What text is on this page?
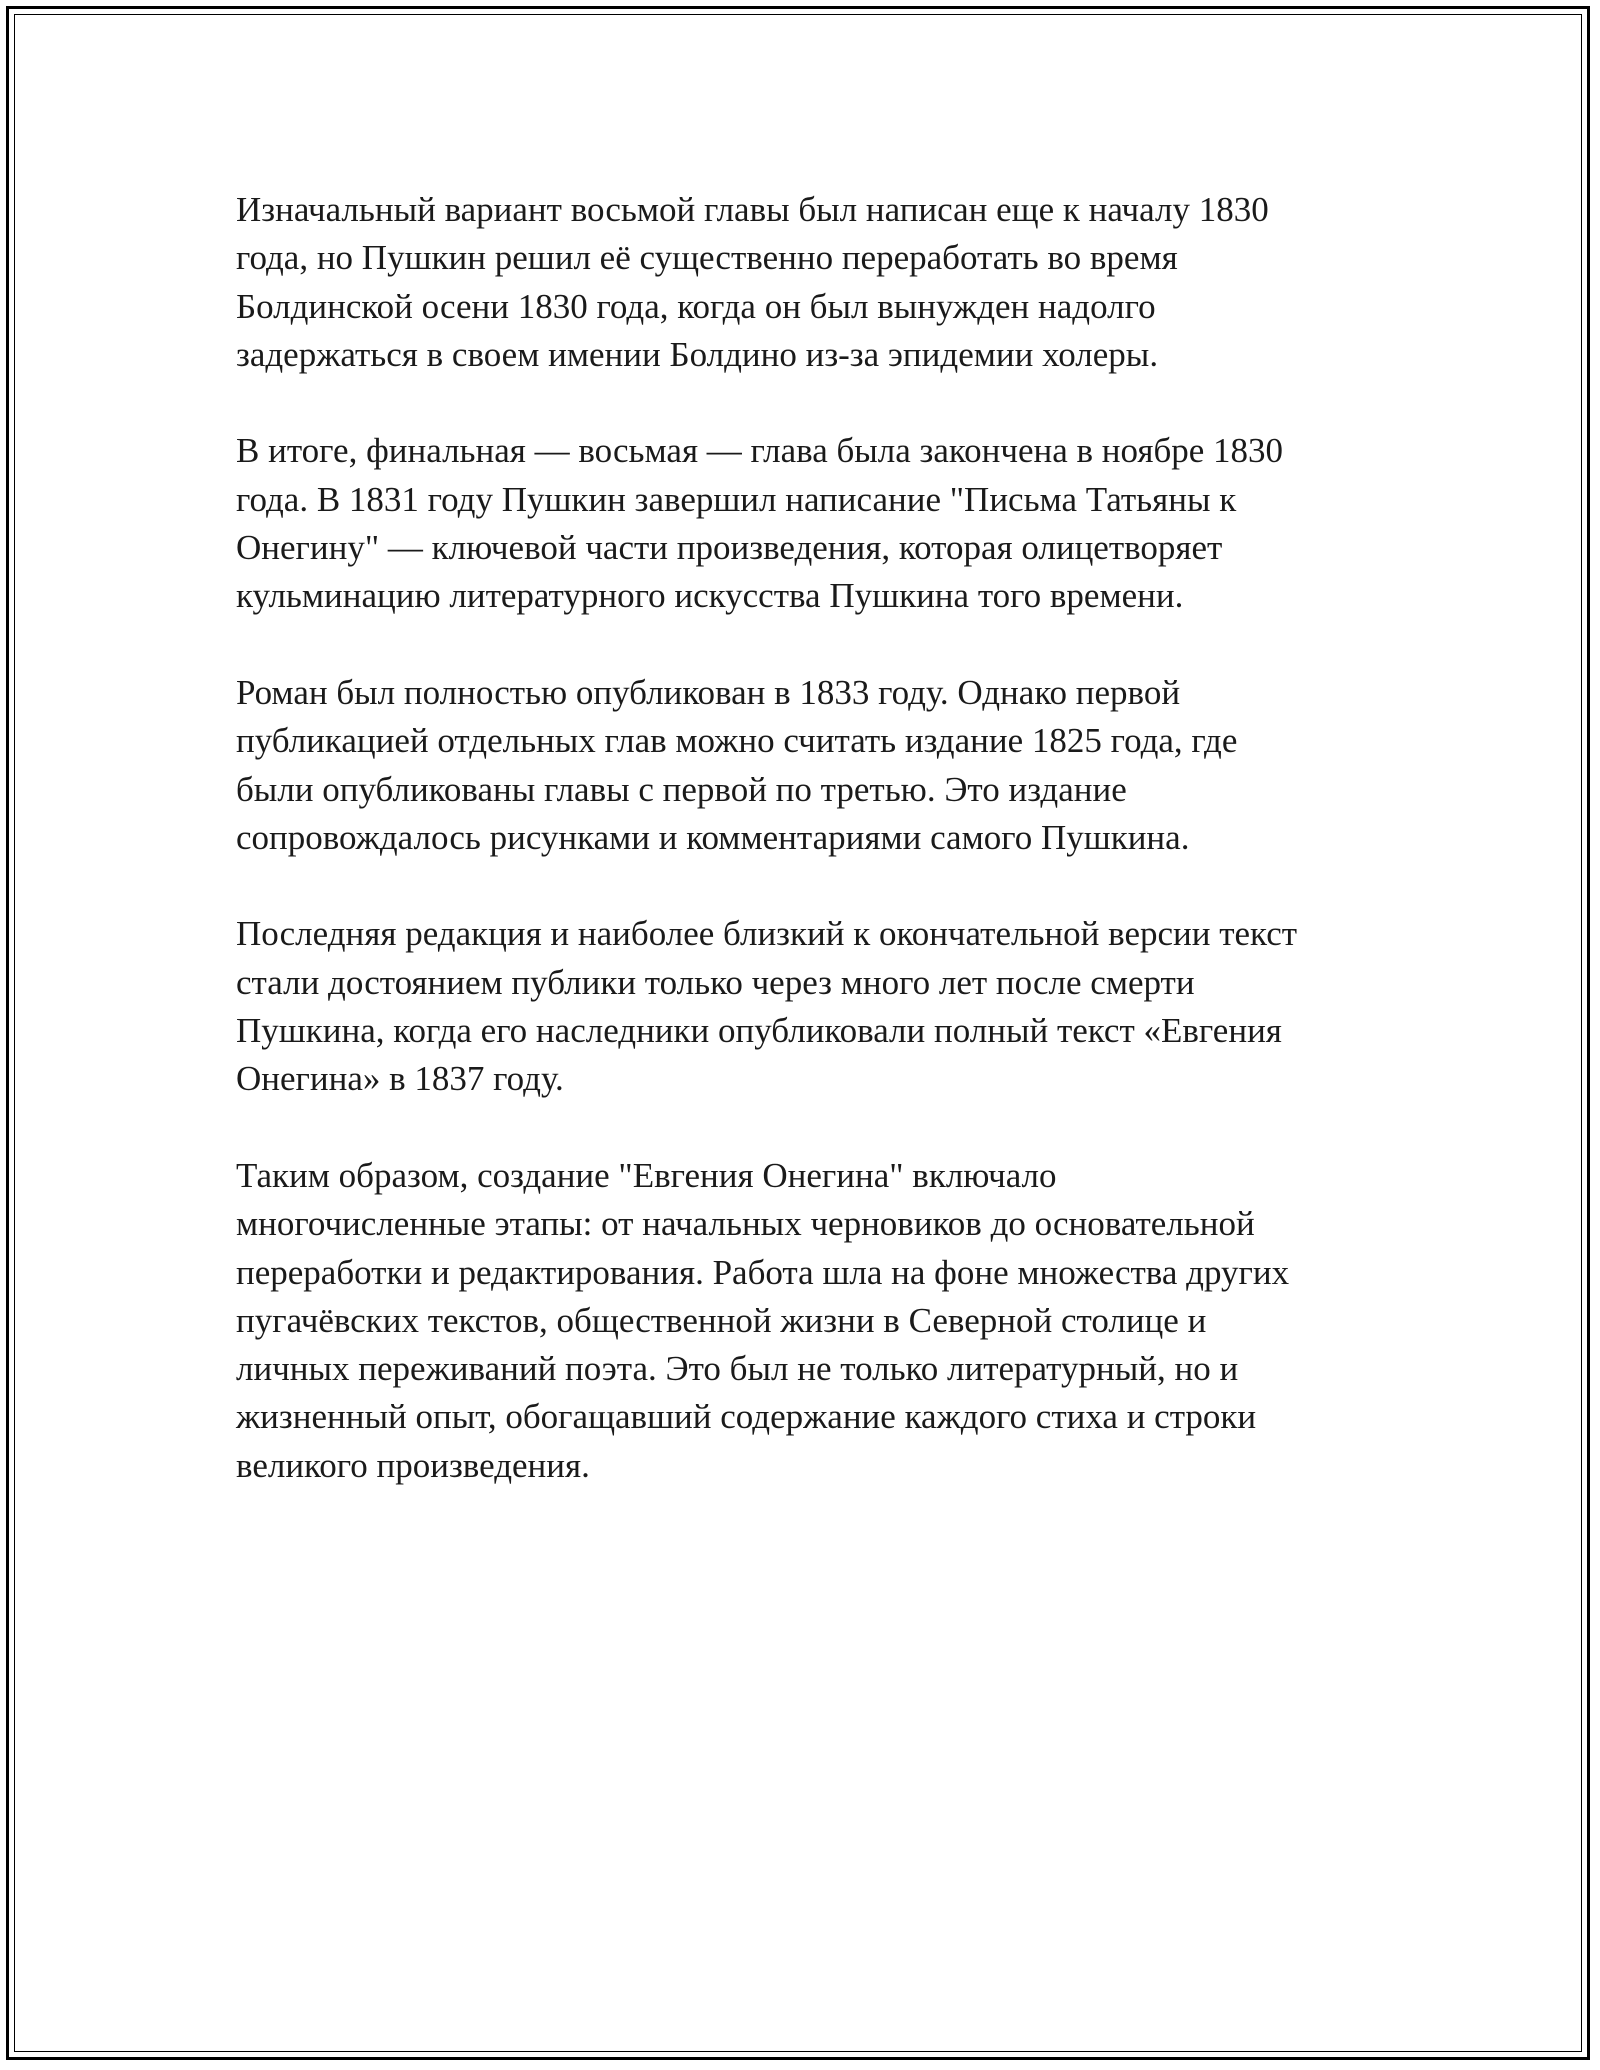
Изначальный вариант восьмой главы был написан еще к началу 1830
года, но Пушкин решил её существенно переработать во время
Болдинской осени 1830 года, когда он был вынужден надолго
задержаться в своем имении Болдино из-за эпидемии холеры.

В итоге, финальная — восьмая — глава была закончена в ноябре 1830
года. В 1831 году Пушкин завершил написание "Письма Татьяны к
Онегину" — ключевой части произведения, которая олицетворяет
кульминацию литературного искусства Пушкина того времени.

Роман был полностью опубликован в 1833 году. Однако первой
публикацией отдельных глав можно считать издание 1825 года, где
были опубликованы главы с первой по третью. Это издание
сопровождалось рисунками и комментариями самого Пушкина.

Последняя редакция и наиболее близкий к окончательной версии текст
стали достоянием публики только через много лет после смерти
Пушкина, когда его наследники опубликовали полный текст «Евгения
Онегина» в 1837 году.

Таким образом, создание "Евгения Онегина" включало
многочисленные этапы: от начальных черновиков до основательной
переработки и редактирования. Работа шла на фоне множества других
пугачёвских текстов, общественной жизни в Северной столице и
личных переживаний поэта. Это был не только литературный, но и
жизненный опыт, обогащавший содержание каждого стиха и строки
великого произведения.
